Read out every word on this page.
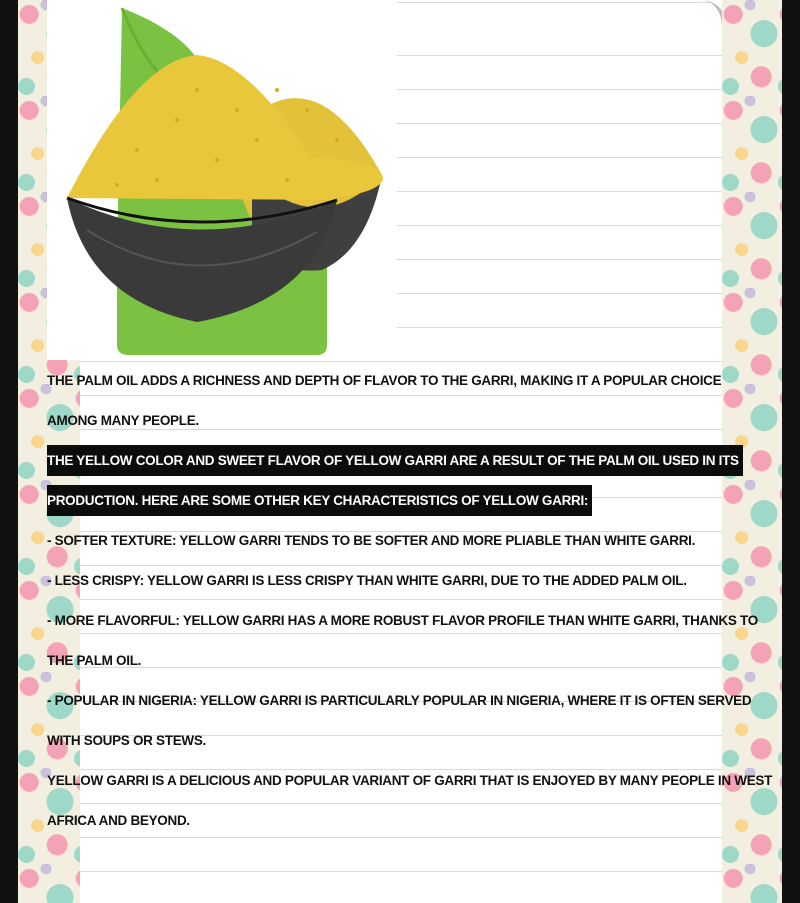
THE PALM OIL ADDS A RICHNESS AND DEPTH OF FLAVOR TO THE GARRI, MAKING IT A POPULAR CHOICE
AMONG MANY PEOPLE.
THE YELLOW COLOR AND SWEET FLAVOR OF YELLOW GARRI ARE A RESULT OF THE PALM OIL USED IN ITS
PRODUCTION. HERE ARE SOME OTHER KEY CHARACTERISTICS OF YELLOW GARRI:
- SOFTER TEXTURE: YELLOW GARRI TENDS TO BE SOFTER AND MORE PLIABLE THAN WHITE GARRI.
- LESS CRISPY: YELLOW GARRI IS LESS CRISPY THAN WHITE GARRI, DUE TO THE ADDED PALM OIL.
- MORE FLAVORFUL: YELLOW GARRI HAS A MORE ROBUST FLAVOR PROFILE THAN WHITE GARRI, THANKS TO
THE PALM OIL.
- POPULAR IN NIGERIA: YELLOW GARRI IS PARTICULARLY POPULAR IN NIGERIA, WHERE IT IS OFTEN SERVED
WITH SOUPS OR STEWS.
YELLOW GARRI IS A DELICIOUS AND POPULAR VARIANT OF GARRI THAT IS ENJOYED BY MANY PEOPLE IN WEST
AFRICA AND BEYOND.
